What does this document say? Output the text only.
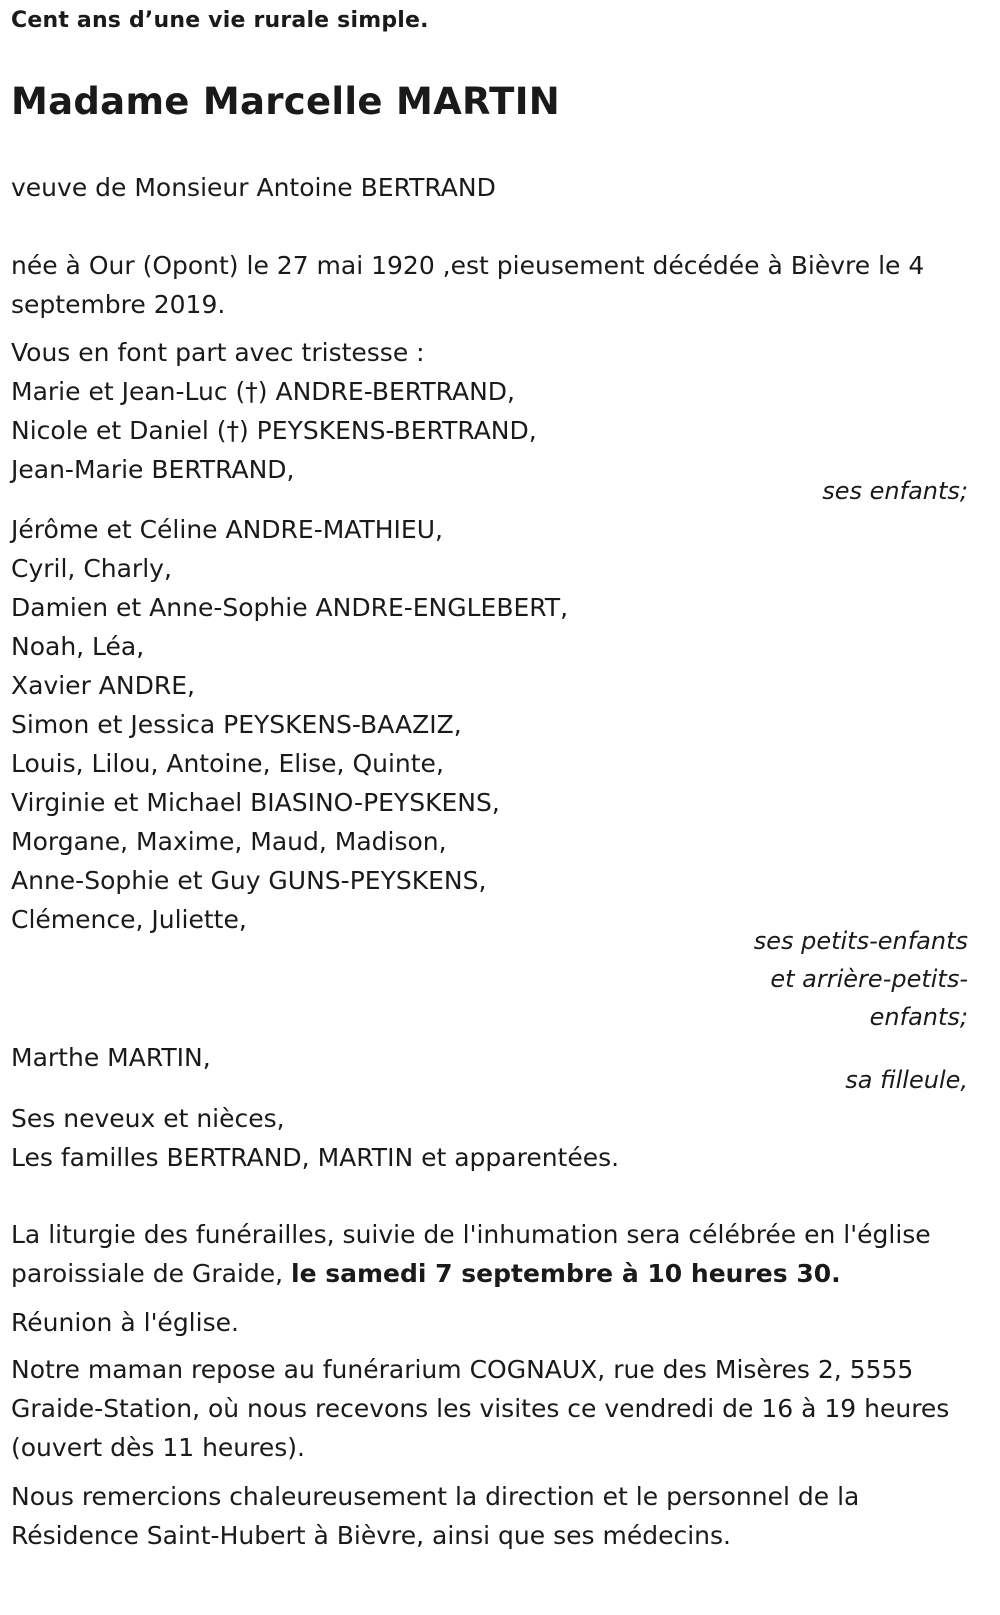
Cent ans d’une vie rurale simple.
Madame Marcelle MARTIN

veuve de Monsieur Antoine BERTRAND

née à Our (Opont) le 27 mai 1920 ,est pieusement décédée à Bièvre le 4 septembre 2019.

Vous en font part avec tristesse :
Marie et Jean-Luc (†) ANDRE-BERTRAND,
Nicole et Daniel (†) PEYSKENS-BERTRAND,
Jean-Marie BERTRAND,

ses enfants;

Jérôme et Céline ANDRE-MATHIEU,
Cyril, Charly,
Damien et Anne-Sophie ANDRE-ENGLEBERT,
Noah, Léa,
Xavier ANDRE,
Simon et Jessica PEYSKENS-BAAZIZ,
Louis, Lilou, Antoine, Elise, Quinte,
Virginie et Michael BIASINO-PEYSKENS,
Morgane, Maxime, Maud, Madison,
Anne-Sophie et Guy GUNS-PEYSKENS,
Clémence, Juliette,
ses petits-enfants
et arrière-petits-
enfants;

Marthe MARTIN,

sa filleule,

Ses neveux et nièces,
Les familles BERTRAND, MARTIN et apparentées.

La liturgie des funérailles, suivie de l'inhumation sera célébrée en l'église paroissiale de Graide, le samedi 7 septembre à 10 heures 30.

Réunion à l'église.

Notre maman repose au funérarium COGNAUX, rue des Misères 2, 5555 Graide-Station, où nous recevons les visites ce vendredi de 16 à 19 heures (ouvert dès 11 heures).

Nous remercions chaleureusement la direction et le personnel de la Résidence Saint-Hubert à Bièvre, ainsi que ses médecins.
